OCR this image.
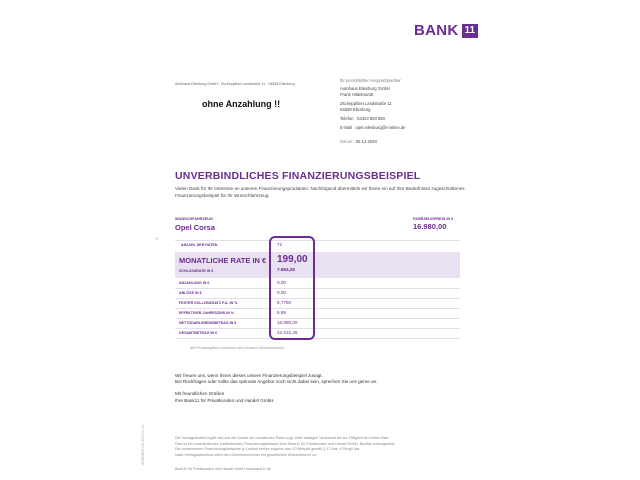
BANK 11
Autohaus Eilenburg GmbH · Zschepplinet Landstraße 11 · 04838 Eilenburg
ohne Anzahlung !!
Ihr persönlicher Ansprechpartner
Autohaus Eilenburg GmbH
Frank Hildebrandt
Zschepplinet Landstraße 11
04838 Eilenburg
Telefon 03423 603 560
E-Mail opel.eilenburg@t-online.de
Datum 05.12.2020
UNVERBINDLICHES FINANZIERUNGSBEISPIEL
Vielen Dank für Ihr Interesse an unseren Finanzierungsprodukten. Nachfolgend übermitteln wir Ihnen ein auf Ihre Bedürfnisse zugeschnittenes Finanzierungsbeispiel für Ihr Wunschfahrzeug.
WUNSCHFAHRZEUG
Opel Corsa
FAHRZEUGPREIS IN €
16.980,00
›
ANZAHL DER RATEN	72
MONATLICHE RATE IN € 199,00
SCHLUSSRATE IN €	7.894,26
ANZAHLUNG IN €	0,00
ABLÖSE IN €	0,00
FESTER SOLLZINSSATZ P.A. IN %	6,7750
EFFEKTIVER JAHRESZINS IN %	6,99
NETTODARLEHENSBETRAG IN €	16.980,00
GESAMTBETRAG IN €	22.222,26
Alle Preisangaben verstehen sich inklusive Mehrwertsteuer.
Wir freuen uns, wenn Ihnen dieses unsere Finanzierungsbeispiel zusagt.
Bei Rückfragen oder sollte das optimale Angebot noch nicht dabei sein, sprechen Sie uns gerne an.
Mit freundlichen Grüßen
Ihre Bank11 für Privatkunden und Handel GmbH
Die Vertragslaufzeit ergibt sich aus der Anzahl der monatlichen Raten zzgl. einer etwaigen Vorauszeit bis zur Fälligkeit der ersten Rate.
Dies ist ein unverbindliches, freibleibendes Finanzierungsbeispiel Ihrer Bank11 für Privatkunden und Handel GmbH. Bonität vorausgesetzt.
Die vorstehenden Finanzierungsbeispiele je Laufzeit stellen zugleich das 2/3 Beispiel gemäß § 17 Abs. 4 PAngV dar.
Nach Vertragsabschluss steht dem Darlehensnehmer ein gesetzliches Widerrufsrecht zu.
Bank11 für Privatkunden und Handel GmbH www.bank11.de
ANGEBOT-NC 2020-01-11
